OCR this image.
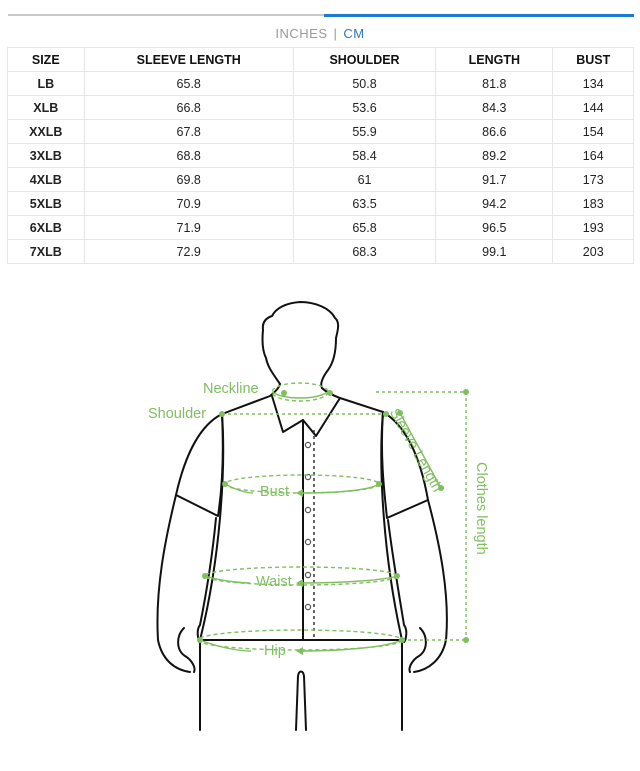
INCHES | CM
SIZE	SLEEVE LENGTH	SHOULDER	LENGTH	BUST
LB	65.8	50.8	81.8	134
XLB	66.8	53.6	84.3	144
XXLB	67.8	55.9	86.6	154
3XLB	68.8	58.4	89.2	164
4XLB	69.8	61	91.7	173
5XLB	70.9	63.5	94.2	183
6XLB	71.9	65.8	96.5	193
7XLB	72.9	68.3	99.1	203
Neckline
Shoulder	Sleeve Length
Clothes length
Bust
Waist
Hip
